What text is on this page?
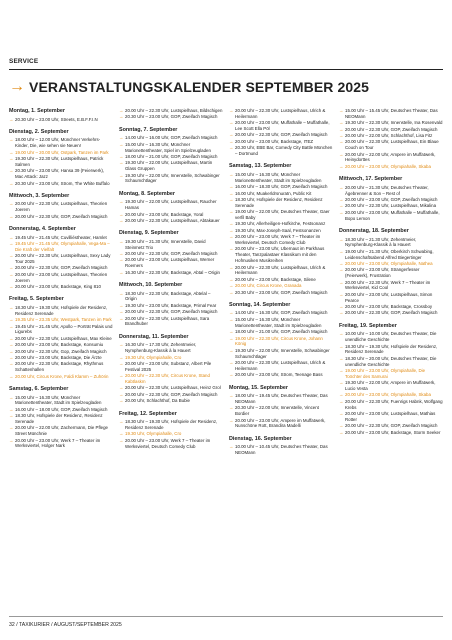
SERVICE
→ VERANSTALTUNGSKALENDER SEPTEMBER 2025
Montag, 1. September
→ 20.30 Uhr – 23.00 Uhr, Streets, E.B.F.F.I.N
Dienstag, 2. September
→ 18.00 Uhr – 12.00 Uhr, Münchner Verkehrs-Kinder, Die, wie sehen sie Neuen!
→ 19.00 Uhr – 20.00 Uhr, Ostpark, Tanzen im Park
→ 19.30 Uhr – 22.30 Uhr, Lustspielhaus, Patrick Salmen
→ 20.30 Uhr – 23.00 Uhr, Hansa 39 (Feierwerk), Mac Attack: Jazz
→ 20.30 Uhr – 23.00 Uhr, Strom, The White Buffalo
Mittwoch, 3. September
→ 20.00 Uhr – 22.30 Uhr, Lustspielhaus, Theorien Joerem
→ 20.00 Uhr – 22.30 Uhr, GOP, Zweifach Magisch
Donnerstag, 4. September
→ 19.45 Uhr – 21.45 Uhr, Cuvilliéstheater, Hamlet
→ 19.45 Uhr – 21.45 Uhr, Olympiahalle, Vega-Ma – Die Kraft der Vielfalt
→ 20.00 Uhr – 22.30 Uhr, Lustspielhaus, Sexy Lady Tour 2025
→ 20.00 Uhr – 22.30 Uhr, GOP, Zweifach Magisch
→ 20.00 Uhr – 23.00 Uhr, Lustspielhaus, Theorien Joerem
→ 20.00 Uhr – 23.00 Uhr, Backstage, King 810
Freitag, 5. September
→ 18.30 Uhr – 19.30 Uhr, Hofspiele der Residenz, Residenz Serenade
→ 19.35 Uhr – 23.35 Uhr, Westpark, Tanzen im Park
→ 19.45 Uhr – 21.45 Uhr, Apollo – Porträt Palais und Ligurebs
→ 20.00 Uhr – 22.30 Uhr, Lustspielhaus, Max Kleine
→ 20.00 Uhr – 23.00 Uhr, Backstage, Konsumiu
→ 20.00 Uhr – 22.30 Uhr, Gop, Zweifach Magisch
→ 20.00 Uhr – 23.00 Uhr, Backstage, Die Ärzte
→ 20.00 Uhr – 22.30 Uhr, Backstage, Rhythmus Schattenhallen
→ 20.00 Uhr, Circus Krone, Faldi Klamm – Zuhörin
Samstag, 6. September
→ 15.00 Uhr – 16.30 Uhr, Münchner Marionettentheater, Stadt im Spielzeugladen
→ 16.00 Uhr – 18.00 Uhr, GOP, Zweifach Magisch
→ 18.30 Uhr, Hofspiele der Residenz, Residenz Serenade
→ 20.00 Uhr – 22.00 Uhr, Zachermann, Die Pflege Street Münchnie
→ 20.00 Uhr – 23.00 Uhr, Werk 7 – Theater im Werksviertel, Holger Nark
→ 20.00 Uhr – 22.30 Uhr, Lustspielhaus, Bildschigen
→ 20.30 Uhr – 23.00 Uhr, GOP, Zweifach Magisch
Sonntag, 7. September
→ 14.00 Uhr – 16.00 Uhr, GOP, Zweifach Magisch
→ 15.00 Uhr – 16.30 Uhr, Münchner Marionettentheater, Spiel im Spielzeugladen
→ 18.00 Uhr – 21.00 Uhr, GOP, Zweifach Magisch
→ 19.30 Uhr – 22.00 Uhr, Lustspielhaus, Martin Glass Gruppen
→ 19.30 Uhr – 22.00 Uhr, Innenstelle, Schwabinger Schaumchtlager
Montag, 8. September
→ 19.30 Uhr – 22.00 Uhr, Lustspielhaus, Raucher Hamas
→ 20.00 Uhr – 23.00 Uhr, Backstage, Yoral
→ 20.00 Uhr – 22.30 Uhr, Lustspielhaus, Abtakauer
Dienstag, 9. September
→ 19.30 Uhr – 21.30 Uhr, Innenstelle, David Steinmetz Trio
→ 20.00 Uhr – 22.30 Uhr, GOP, Zweifach Magisch
→ 20.00 Uhr – 23.00 Uhr, Lustspielhaus, Werner Roemers
→ 16.30 Uhr – 22.30 Uhr, Backstage, Abtal – Origin
Mittwoch, 10. September
→ 18.30 Uhr – 22.30 Uhr, Backstage, Abtelal – Origin
→ 19.30 Uhr – 23.00 Uhr, Backstage, Primal Fear
→ 20.00 Uhr – 22.30 Uhr, GOP, Zweifach Magisch
→ 20.00 Uhr – 22.30 Uhr, Lustspielhaus, Sara Brandhuber
Donnerstag, 11. September
→ 16.30 Uhr – 17.30 Uhr, Zehentmeier, Nymphenburg-Klassik à la Hauert
→ 19.30 Uhr, Olympiahalle, Cro
→ 20.00 Uhr – 23.00 Uhr, Substanz, Albert Pile Festival 2025
→ 20.00 Uhr – 22.30 Uhr, Circus Krone, Stand Kabtlaskm
→ 20.00 Uhr – 22.30 Uhr, Lustspielhaus, Heinz Grol
→ 20.00 Uhr – 22.30 Uhr, GOP, Zweifach Magisch
→ 20.00 Uhr, Schlachthof, Da Bubie
Freitag, 12. September
→ 18.30 Uhr – 19.30 Uhr, Hofspiele der Residenz, Residenz Serenade
→ 19.30 Uhr, Olympiahalle, Cro
→ 20.00 Uhr – 23.00 Uhr, Werk 7 – Theater im Werksviertel, Deutsch Comedy Club
→ 20.00 Uhr – 22.30 Uhr, Lustspielhaus, Ulrich & Heilermann
→ 20.00 Uhr – 23.00 Uhr, Muffathalle – Muffathalle, Lee Scott Ella Pöl
→ 20.00 Uhr – 22.30 Uhr, GOP, Zweifach Magisch
→ 20.00 Uhr – 23.00 Uhr, Backstage, ITEZ
→ 20.30 Uhr, EBE Bar, Comedy City Battle München – Dortmund
Samstag, 13. September
→ 15.00 Uhr – 16.30 Uhr, Münchner Marionettentheater, Stadt im Spielzeugladen
→ 16.00 Uhr – 18.30 Uhr, GOP, Zweifach Magisch
→ 16.00 Uhr, Muakerldrsnuratn, Public Kit
→ 18.30 Uhr, Hofspiele der Residenz, Residenz Serenade
→ 19.00 Uhr – 22.00 Uhr, Deutsches Theater, Gaer verfil Baby
→ 19.30 Uhr, Allerheiligen-Hofkirche, Festsonanz
→ 19.30 Uhr, Max-Joseph-Saal, Festsonanzen
→ 20.00 Uhr – 23.00 Uhr, Werk 7 – Theater im Werksviertel, Deutsch Comedy Club
→ 20.00 Uhr – 23.00 Uhr, Ubernaut im Parkhaus Theater, Tanzpalastaer Klassikum mit den Hofmusiken Musikreihen
→ 20.00 Uhr – 22.30 Uhr, Lustspielhaus, Ulrich & Heilermann
→ 20.00 Uhr – 23.00 Uhr, Backstage, Silene
→ 20.00 Uhr, Circus Krone, Granada
→ 20.30 Uhr – 23.00 Uhr, GOP, Zweifach Magisch
Sonntag, 14. September
→ 14.00 Uhr – 16.30 Uhr, GOP, Zweifach Magisch
→ 15.00 Uhr – 16.30 Uhr, Münchner Marionettentheater, Stadt im Spielzeugladen
→ 18.00 Uhr – 21.00 Uhr, GOP, Zweifach Magisch
→ 19.00 Uhr – 22.30 Uhr, Circus Krone, Johann König
→ 19.30 Uhr – 22.00 Uhr, Innenstelle, Schwabinger Schaumchtlager
→ 20.00 Uhr – 22.30 Uhr, Lustspielhaus, Ulrich & Heilermann
→ 20.00 Uhr – 23.00 Uhr, Strom, Teenage Bass
Montag, 15. September
→ 18.00 Uhr – 19.45 Uhr, Deutsches Theater, Das NEOMann
→ 20.30 Uhr – 22.00 Uhr, Innenstelle, Vincent Bordier
→ 20.00 Uhr – 23.00 Uhr, Ampere im Muffatwerk, Nunschöne Rott, Brandira Madelli
Dienstag, 16. September
→ 10.00 Uhr – 10.45 Uhr, Deutsches Theater, Das NEOMann
→ 15.00 Uhr – 15.45 Uhr, Deutsches Theater, Das NEOMann
→ 19.30 Uhr – 22.30 Uhr, Innenstelle, Ina Rosenvald
→ 20.00 Uhr – 22.30 Uhr, GOP, Zweifach Magisch
→ 20.00 Uhr – 22.00 Uhr, Schlachthof, Lisa Fitz
→ 20.00 Uhr – 22.30 Uhr, Lustspielhaus, Ein Blaue Couch on Tour
→ 20.00 Uhr – 22.00 Uhr, Ampere im Muffatwerk, Heinydorttes
→ 20.00 Uhr – 23.00 Uhr, Olympiahalle, Skaba
Mittwoch, 17. September
→ 20.00 Uhr – 21.30 Uhr, Deutsches Theater, Ägebrenner & Son – Rest of
→ 20.00 Uhr – 23.00 Uhr, GOP, Zweifach Magisch
→ 20.00 Uhr – 22.30 Uhr, Lustspielhaus, Mikalina
→ 20.00 Uhr – 23.00 Uhr, Muffathalle – Muffathalle, Bopo Lemon
Donnerstag, 18. September
→ 18.30 Uhr – 21.30 Uhr, Zehentmeier, Nymphenburg-Klassik à la Hauert
→ 19.00 Uhr – 21.30 Uhr, Oberkirch Schwabing, Leidenschaftsabend Alfred Biegertinger
→ 20.00 Uhr – 23.00 Uhr, Olympiahalle, Nathea
→ 20.00 Uhr – 23.00 Uhr, Strangerfesser (Feierwerk), Frustration
→ 20.00 Uhr – 22.30 Uhr, Werk 7 – Theater im Werksviertel, Kid Cool
→ 20.00 Uhr – 23.00 Uhr, Lustspielhaus, Simon Pearce
→ 20.00 Uhr – 23.00 Uhr, Backstage, Crossboy
→ 20.00 Uhr – 22.30 Uhr, GOP, Zweifach Magisch
Freitag, 19. September
→ 10.00 Uhr – 10.00 Uhr, Deutsches Theater, Die unendliche Geschichte
→ 18.30 Uhr – 19.30 Uhr, Hofspiele der Residenz, Residenz Serenade
→ 18.30 Uhr – 20.00 Uhr, Deutsches Theater, Die unendliche Geschichte
→ 19.00 Uhr – 23.00 Uhr, Olympiahalle, Die Toöchter des Samurai
→ 19.30 Uhr – 22.00 Uhr, Ampere im Muffatwerk, Lucio Vesta
→ 20.00 Uhr – 23.00 Uhr, Olympiahalle, Skaba
→ 20.00 Uhr – 22.30 Uhr, Fuenrigs Habnk, Wolfgang Krebs
→ 20.00 Uhr – 23.00 Uhr, Lustspielhaus, Mathias Rotter
→ 20.00 Uhr – 22.30 Uhr, GOP, Zweifach Magisch
→ 20.00 Uhr – 23.00 Uhr, Backstage, Storm Seeker
32 / TAXIKURIER / AUGUST/SEPTEMBER 2025
